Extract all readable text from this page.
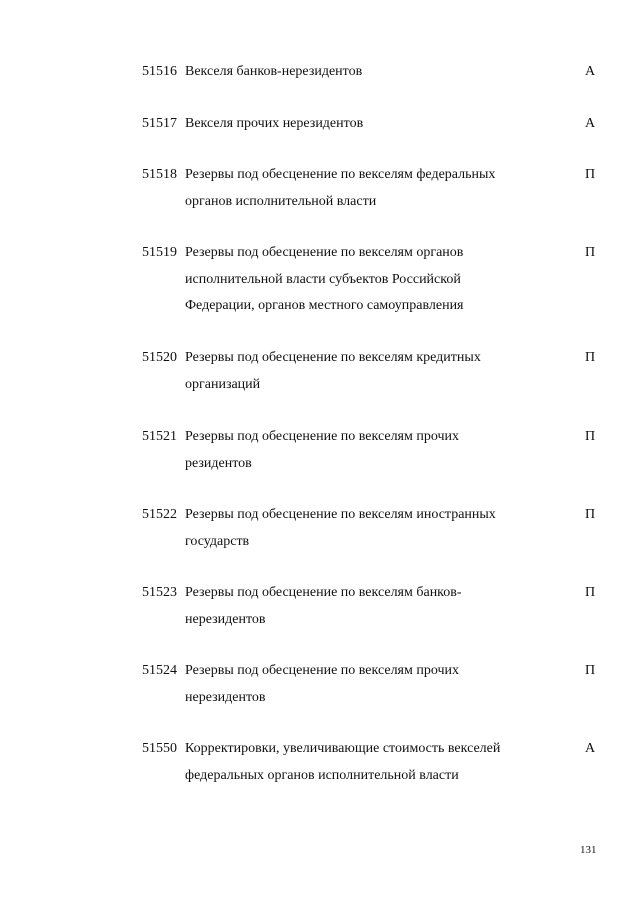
51516 Векселя банков-нерезидентов	А
51517 Векселя прочих нерезидентов	А
51518 Резервы под обесценение по векселям федеральных
органов исполнительной власти
П
51519 Резервы под обесценение по векселям органов
исполнительной власти субъектов Российской
Федерации, органов местного самоуправления
П
51520 Резервы под обесценение по векселям кредитных
организаций
П
51521 Резервы под обесценение по векселям прочих
резидентов
П
51522 Резервы под обесценение по векселям иностранных
государств
П
51523 Резервы под обесценение по векселям банков-
нерезидентов
П
51524 Резервы под обесценение по векселям прочих
нерезидентов
П
51550 Корректировки, увеличивающие стоимость векселей
федеральных органов исполнительной власти
А
131
